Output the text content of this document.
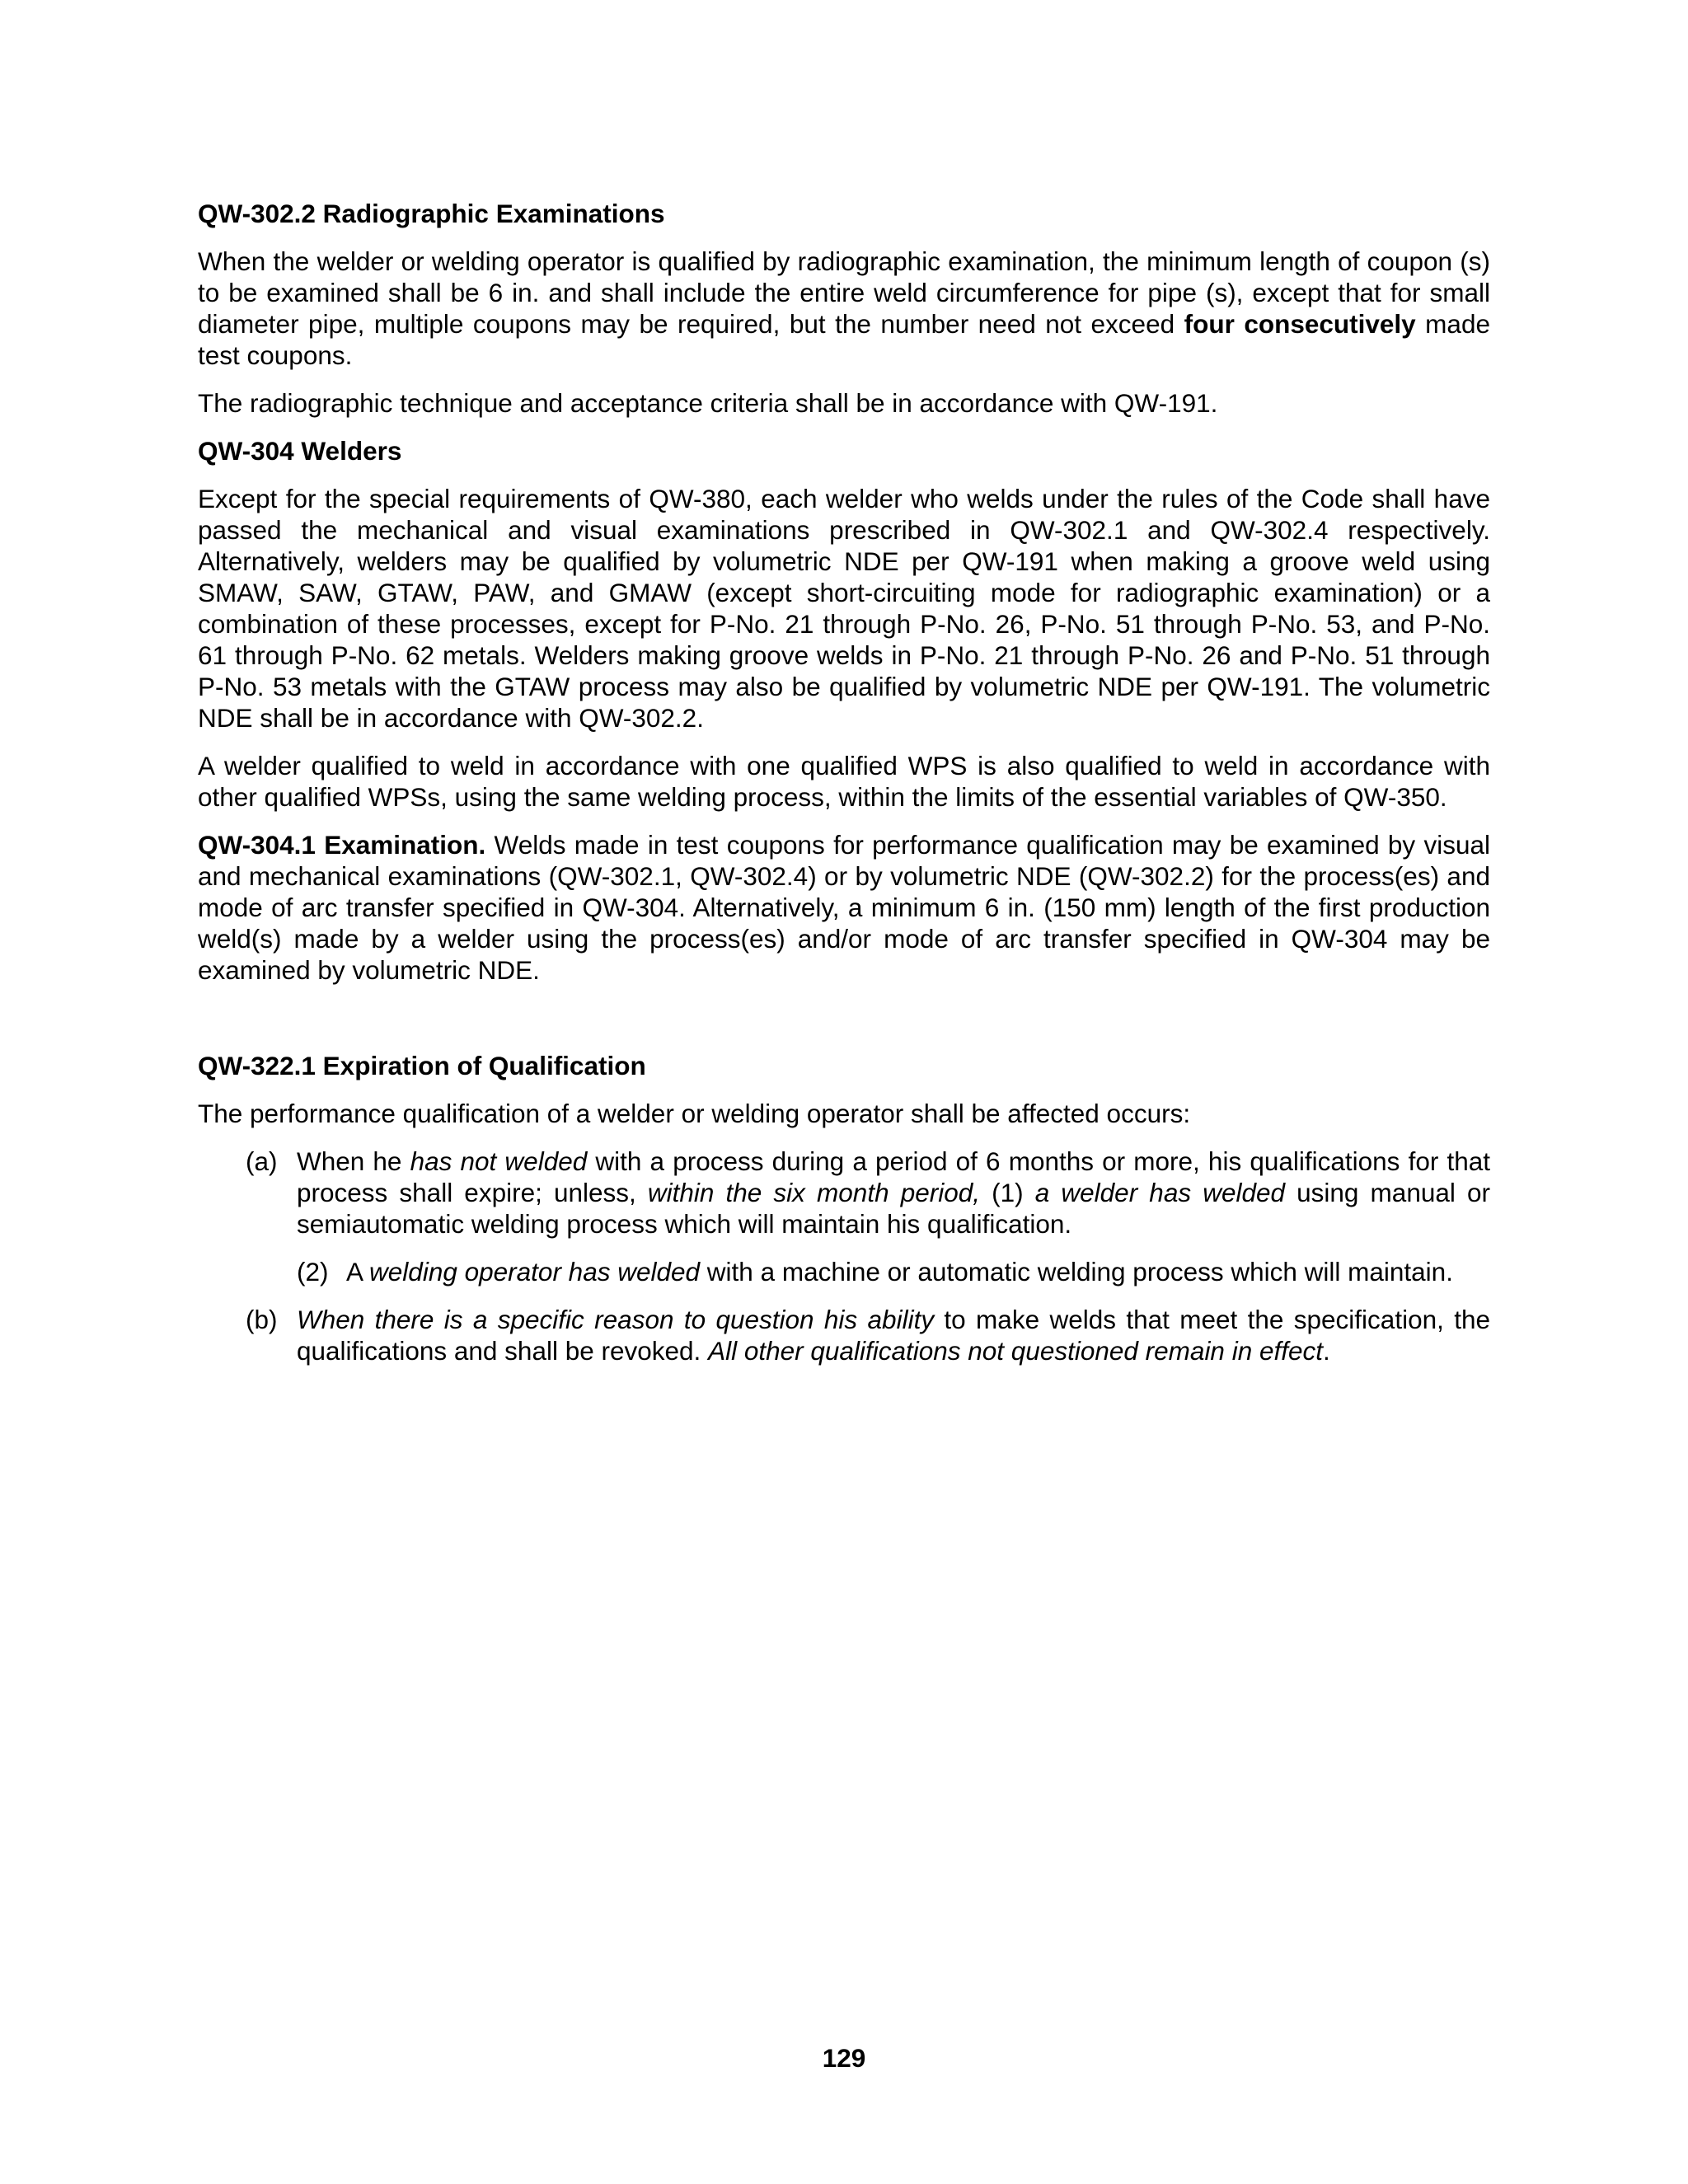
QW-302.2 Radiographic Examinations
When the welder or welding operator is qualified by radiographic examination, the minimum length of coupon (s) to be examined shall be 6 in. and shall include the entire weld circumference for pipe (s), except that for small diameter pipe, multiple coupons may be required, but the number need not exceed four consecutively made test coupons.
The radiographic technique and acceptance criteria shall be in accordance with QW-191.
QW-304 Welders
Except for the special requirements of QW-380, each welder who welds under the rules of the Code shall have passed the mechanical and visual examinations prescribed in QW-302.1 and QW-302.4 respectively. Alternatively, welders may be qualified by volumetric NDE per QW-191 when making a groove weld using SMAW, SAW, GTAW, PAW, and GMAW (except short-circuiting mode for radiographic examination) or a combination of these processes, except for P-No. 21 through P-No. 26, P-No. 51 through P-No. 53, and P-No. 61 through P-No. 62 metals. Welders making groove welds in P-No. 21 through P-No. 26 and P-No. 51 through P-No. 53 metals with the GTAW process may also be qualified by volumetric NDE per QW-191. The volumetric NDE shall be in accordance with QW-302.2.
A welder qualified to weld in accordance with one qualified WPS is also qualified to weld in accordance with other qualified WPSs, using the same welding process, within the limits of the essential variables of QW-350.
QW-304.1 Examination. Welds made in test coupons for performance qualification may be examined by visual and mechanical examinations (QW-302.1, QW-302.4) or by volumetric NDE (QW-302.2) for the process(es) and mode of arc transfer specified in QW-304. Alternatively, a minimum 6 in. (150 mm) length of the first production weld(s) made by a welder using the process(es) and/or mode of arc transfer specified in QW-304 may be examined by volumetric NDE.
QW-322.1 Expiration of Qualification
The performance qualification of a welder or welding operator shall be affected occurs:
(a) When he has not welded with a process during a period of 6 months or more, his qualifications for that process shall expire; unless, within the six month period, (1) a welder has welded using manual or semiautomatic welding process which will maintain his qualification.
(2) A welding operator has welded with a machine or automatic welding process which will maintain.
(b) When there is a specific reason to question his ability to make welds that meet the specification, the qualifications and shall be revoked. All other qualifications not questioned remain in effect.
129
